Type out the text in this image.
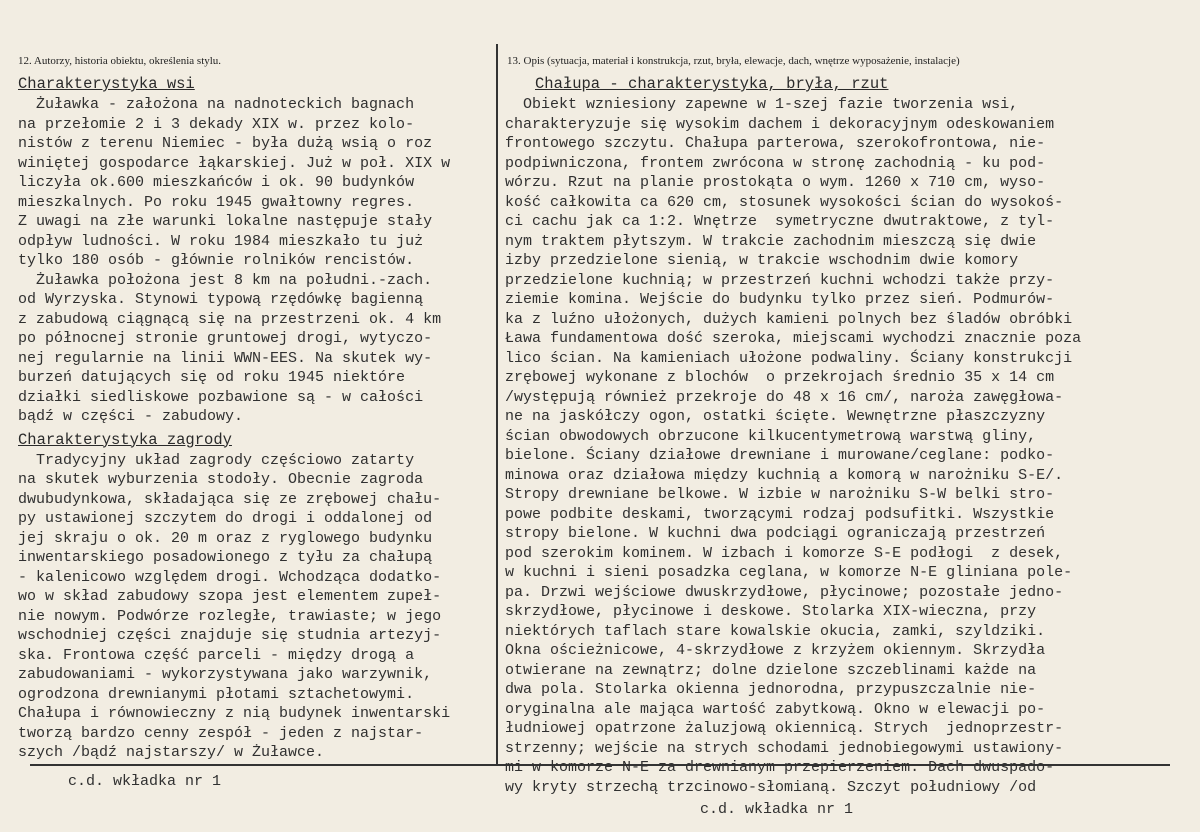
12. Autorzy, historia obiektu, określenia stylu.
Charakterystyka wsi
Żuławka - założona na nadnoteckich bagnach
na przełomie 2 i 3 dekady XIX w. przez kolo-
nistów z terenu Niemiec - była dużą wsią o roz
winiętej gospodarce łąkarskiej. Już w poł. XIX w
liczyła ok.600 mieszkańców i ok. 90 budynków
mieszkalnych. Po roku 1945 gwałtowny regres.
Z uwagi na złe warunki lokalne następuje stały
odpływ ludności. W roku 1984 mieszkało tu już
tylko 180 osób - głównie rolników rencistów.
Żuławka położona jest 8 km na południ.-zach.
od Wyrzyska. Stynowi typową rzędówkę bagienną
z zabudową ciągnącą się na przestrzeni ok. 4 km
po północnej stronie gruntowej drogi, wytyczo-
nej regularnie na linii WWN-EES. Na skutek wy-
burzeń datujących się od roku 1945 niektóre
działki siedliskowe pozbawione są - w całości
bądź w części - zabudowy.
Charakterystyka zagrody
Tradycyjny układ zagrody częściowo zatarty
na skutek wyburzenia stodoły. Obecnie zagroda
dwubudynkowa, składająca się ze zrębowej chału-
py ustawionej szczytem do drogi i oddalonej od
jej skraju o ok. 20 m oraz z ryglowego budynku
inwentarskiego posadowionego z tyłu za chałupą
- kalenicowo względem drogi. Wchodząca dodatko-
wo w skład zabudowy szopa jest elementem zupeł-
nie nowym. Podwórze rozległe, trawiaste; w jego
wschodniej części znajduje się studnia artezyj-
ska. Frontowa część parceli - między drogą a
zabudowaniami - wykorzystywana jako warzywnik,
ogrodzona drewnianymi płotami sztachetowymi.
Chałupa i równowieczny z nią budynek inwentarski
tworzą bardzo cenny zespół - jeden z najstar-
szych /bądź najstarszy/ w Żuławce.
c.d. wkładka nr 1
13. Opis (sytuacja, materiał i konstrukcja, rzut, bryła, elewacje, dach, wnętrze wyposażenie, instalacje)
Chałupa - charakterystyka, bryła, rzut
Obiekt wzniesiony zapewne w 1-szej fazie tworzenia wsi,
charakteryzuje się wysokim dachem i dekoracyjnym odeskowaniem
frontowego szczytu. Chałupa parterowa, szerokofrontowa, nie-
podpiwniczona, frontem zwrócona w stronę zachodnią - ku pod-
wórzu. Rzut na planie prostokąta o wym. 1260 x 710 cm, wyso-
kość całkowita ca 620 cm, stosunek wysokości ścian do wysokoś-
ci cachu jak ca 1:2. Wnętrze  symetryczne dwutraktowe, z tyl-
nym traktem płytszym. W trakcie zachodnim mieszczą się dwie
izby przedzielone sienią, w trakcie wschodnim dwie komory
przedzielone kuchnią; w przestrzeń kuchni wchodzi także przy-
ziemie komina. Wejście do budynku tylko przez sień. Podmurów-
ka z luźno ułożonych, dużych kamieni polnych bez śladów obróbki
Ława fundamentowa dość szeroka, miejscami wychodzi znacznie poza
lico ścian. Na kamieniach ułożone podwaliny. Ściany konstrukcji
zrębowej wykonane z blochów  o przekrojach średnio 35 x 14 cm
/występują również przekroje do 48 x 16 cm/, naroża zawęgłowa-
ne na jaskółczy ogon, ostatki ścięte. Wewnętrzne płaszczyzny
ścian obwodowych obrzucone kilkucentymetrową warstwą gliny,
bielone. Ściany działowe drewniane i murowane/ceglane: podko-
minowa oraz działowa między kuchnią a komorą w narożniku S-E/.
Stropy drewniane belkowe. W izbie w narożniku S-W belki stro-
powe podbite deskami, tworzącymi rodzaj podsufitki. Wszystkie
stropy bielone. W kuchni dwa podciągi ograniczają przestrzeń
pod szerokim kominem. W izbach i komorze S-E podłogi  z desek,
w kuchni i sieni posadzka ceglana, w komorze N-E gliniana pole-
pa. Drzwi wejściowe dwuskrzydłowe, płycinowe; pozostałe jedno-
skrzydłowe, płycinowe i deskowe. Stolarka XIX-wieczna, przy
niektórych taflach stare kowalskie okucia, zamki, szyldziki.
Okna ościeżnicowe, 4-skrzydłowe z krzyżem okiennym. Skrzydła
otwierane na zewnątrz; dolne dzielone szczeblinami każde na
dwa pola. Stolarka okienna jednorodna, przypuszczalnie nie-
oryginalna ale mająca wartość zabytkową. Okno w elewacji po-
łudniowej opatrzone żaluzjową okiennicą. Strych  jednoprzestr-
strzenny; wejście na strych schodami jednobiegowymi ustawiony-
mi w komorze N-E za drewnianym przepierzeniem. Dach dwuspado-
wy kryty strzechą trzcinowo-słomianą. Szczyt południowy /od
c.d. wkładka nr 1
